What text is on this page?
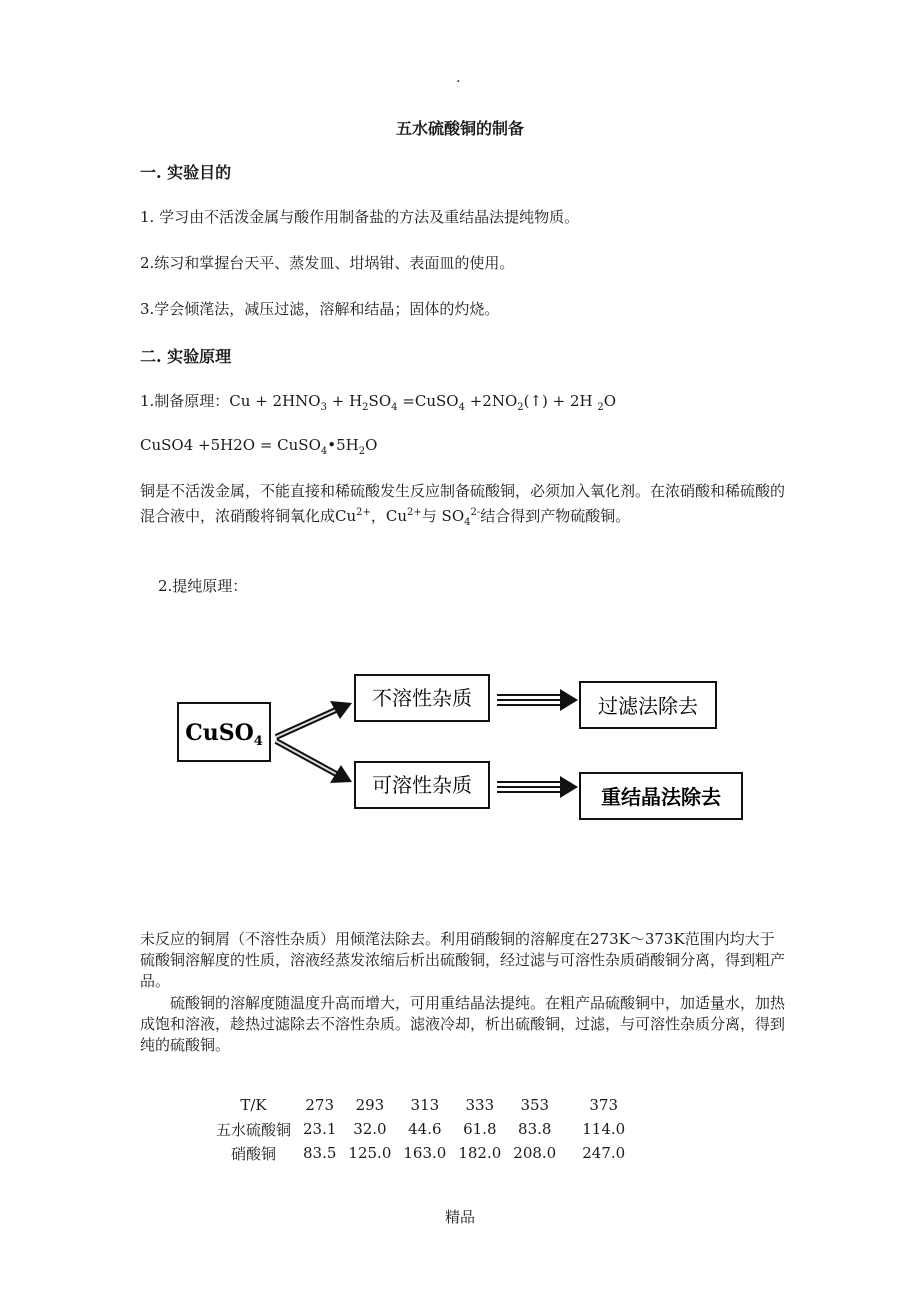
.
五水硫酸铜的制备
一. 实验目的
1. 学习由不活泼金属与酸作用制备盐的方法及重结晶法提纯物质。
2.练习和掌握台天平、蒸发皿、坩埚钳、表面皿的使用。
3.学会倾滗法，减压过滤，溶解和结晶；固体的灼烧。
二. 实验原理
1.制备原理：$Cu + 2HNO_3 + H_2SO_4$ =CuSO$_4$ $+2NO_2(↑) + 2H$ $_2$O
CuSO4 $+5H2O = CuSO_4•5H_2O$
铜是不活泼金属，不能直接和稀硫酸发生反应制备硫酸铜，必须加入氧化剂。在浓硝酸和稀硫酸的混合液中，浓硝酸将铜氧化成$Cu^{2+}$，$Cu^{2+}$与 $SO_4^{2-}$结合得到产物硫酸铜。
2.提纯原理：
CuSO$_4$
不溶性杂质
可溶性杂质
过滤法除去
重结晶法除去
未反应的铜屑（不溶性杂质）用倾滗法除去。利用硝酸铜的溶解度在273K～373K范围内均大于硫酸铜溶解度的性质，溶液经蒸发浓缩后析出硫酸铜，经过滤与可溶性杂质硝酸铜分离，得到粗产品。
硫酸铜的溶解度随温度升高而增大，可用重结晶法提纯。在粗产品硫酸铜中，加适量水，加热成饱和溶液，趁热过滤除去不溶性杂质。滤液冷却，析出硫酸铜，过滤，与可溶性杂质分离，得到纯的硫酸铜。
T/K	273	293	313	333	353	373
五水硫酸铜	23.1	32.0	44.6	61.8	83.8	114.0
硝酸铜	83.5	125.0	163.0	182.0	208.0	247.0
精品
